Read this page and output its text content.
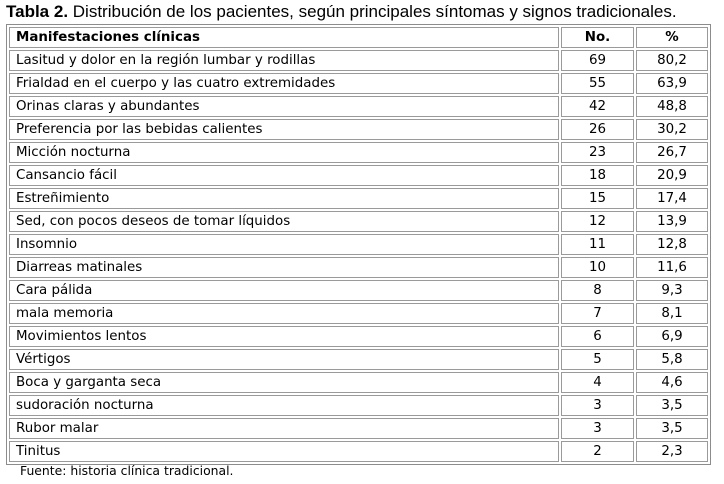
Tabla 2. Distribución de los pacientes, según principales síntomas y signos tradicionales.
Manifestaciones clínicas	No.	%
Lasitud y dolor en la región lumbar y rodillas	69	80,2
Frialdad en el cuerpo y las cuatro extremidades	55	63,9
Orinas claras y abundantes	42	48,8
Preferencia por las bebidas calientes	26	30,2
Micción nocturna	23	26,7
Cansancio fácil	18	20,9
Estreñimiento	15	17,4
Sed, con pocos deseos de tomar líquidos	12	13,9
Insomnio	11	12,8
Diarreas matinales	10	11,6
Cara pálida	8	9,3
mala memoria	7	8,1
Movimientos lentos	6	6,9
Vértigos	5	5,8
Boca y garganta seca	4	4,6
sudoración nocturna	3	3,5
Rubor malar	3	3,5
Tinitus	2	2,3
Fuente: historia clínica tradicional.
